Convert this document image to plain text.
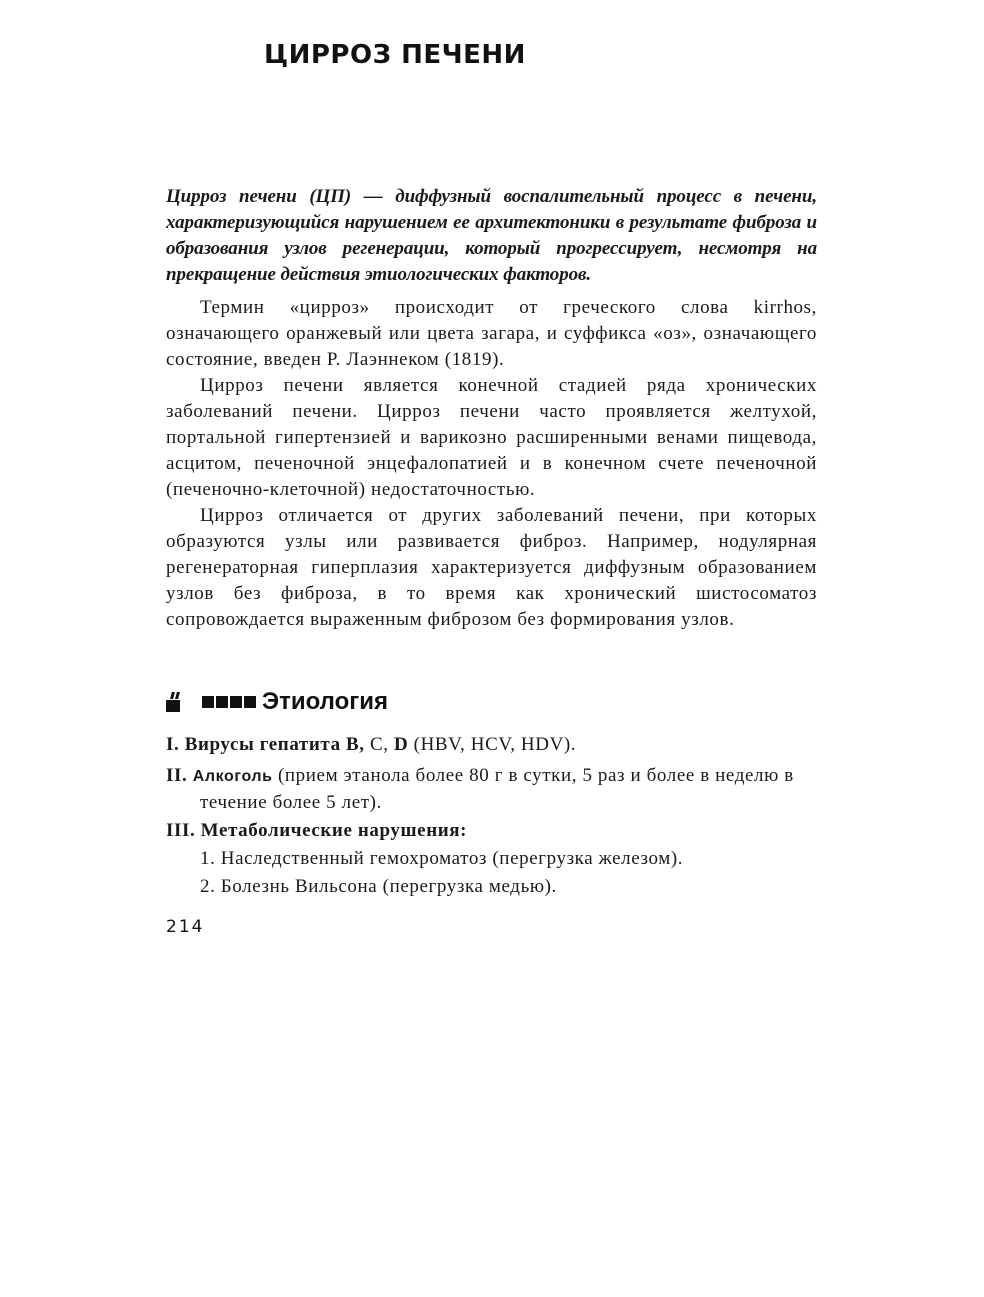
ЦИРРОЗ ПЕЧЕНИ

Цирроз печени (ЦП) — диффузный воспалительный процесс в печени, характеризующийся нарушением ее архитектоники в результате фиброза и образования узлов регенерации, который прогрессирует, несмотря на прекращение действия этиологических факторов.

Термин «цирроз» происходит от греческого слова kirrhos, означающего оранжевый или цвета загара, и суффикса «оз», означающего состояние, введен Р. Лаэннеком (1819).

Цирроз печени является конечной стадией ряда хронических заболеваний печени. Цирроз печени часто проявляется желтухой, портальной гипертензией и варикозно расширенными венами пищевода, асцитом, печеночной энцефалопатией и в конечном счете печеночной (печеночно-клеточной) недостаточностью.

Цирроз отличается от других заболеваний печени, при которых образуются узлы или развивается фиброз. Например, нодулярная регенераторная гиперплазия характеризуется диффузным образованием узлов без фиброза, в то время как хронический шистосоматоз сопровождается выраженным фиброзом без формирования узлов.

Этиология

I. Вирусы гепатита B, C, D (HBV, HCV, HDV).

II. Алкоголь (прием этанола более 80 г в сутки, 5 раз и более в неделю в течение более 5 лет).

III. Метаболические нарушения:

1. Наследственный гемохроматоз (перегрузка железом).

2. Болезнь Вильсона (перегрузка медью).

214
